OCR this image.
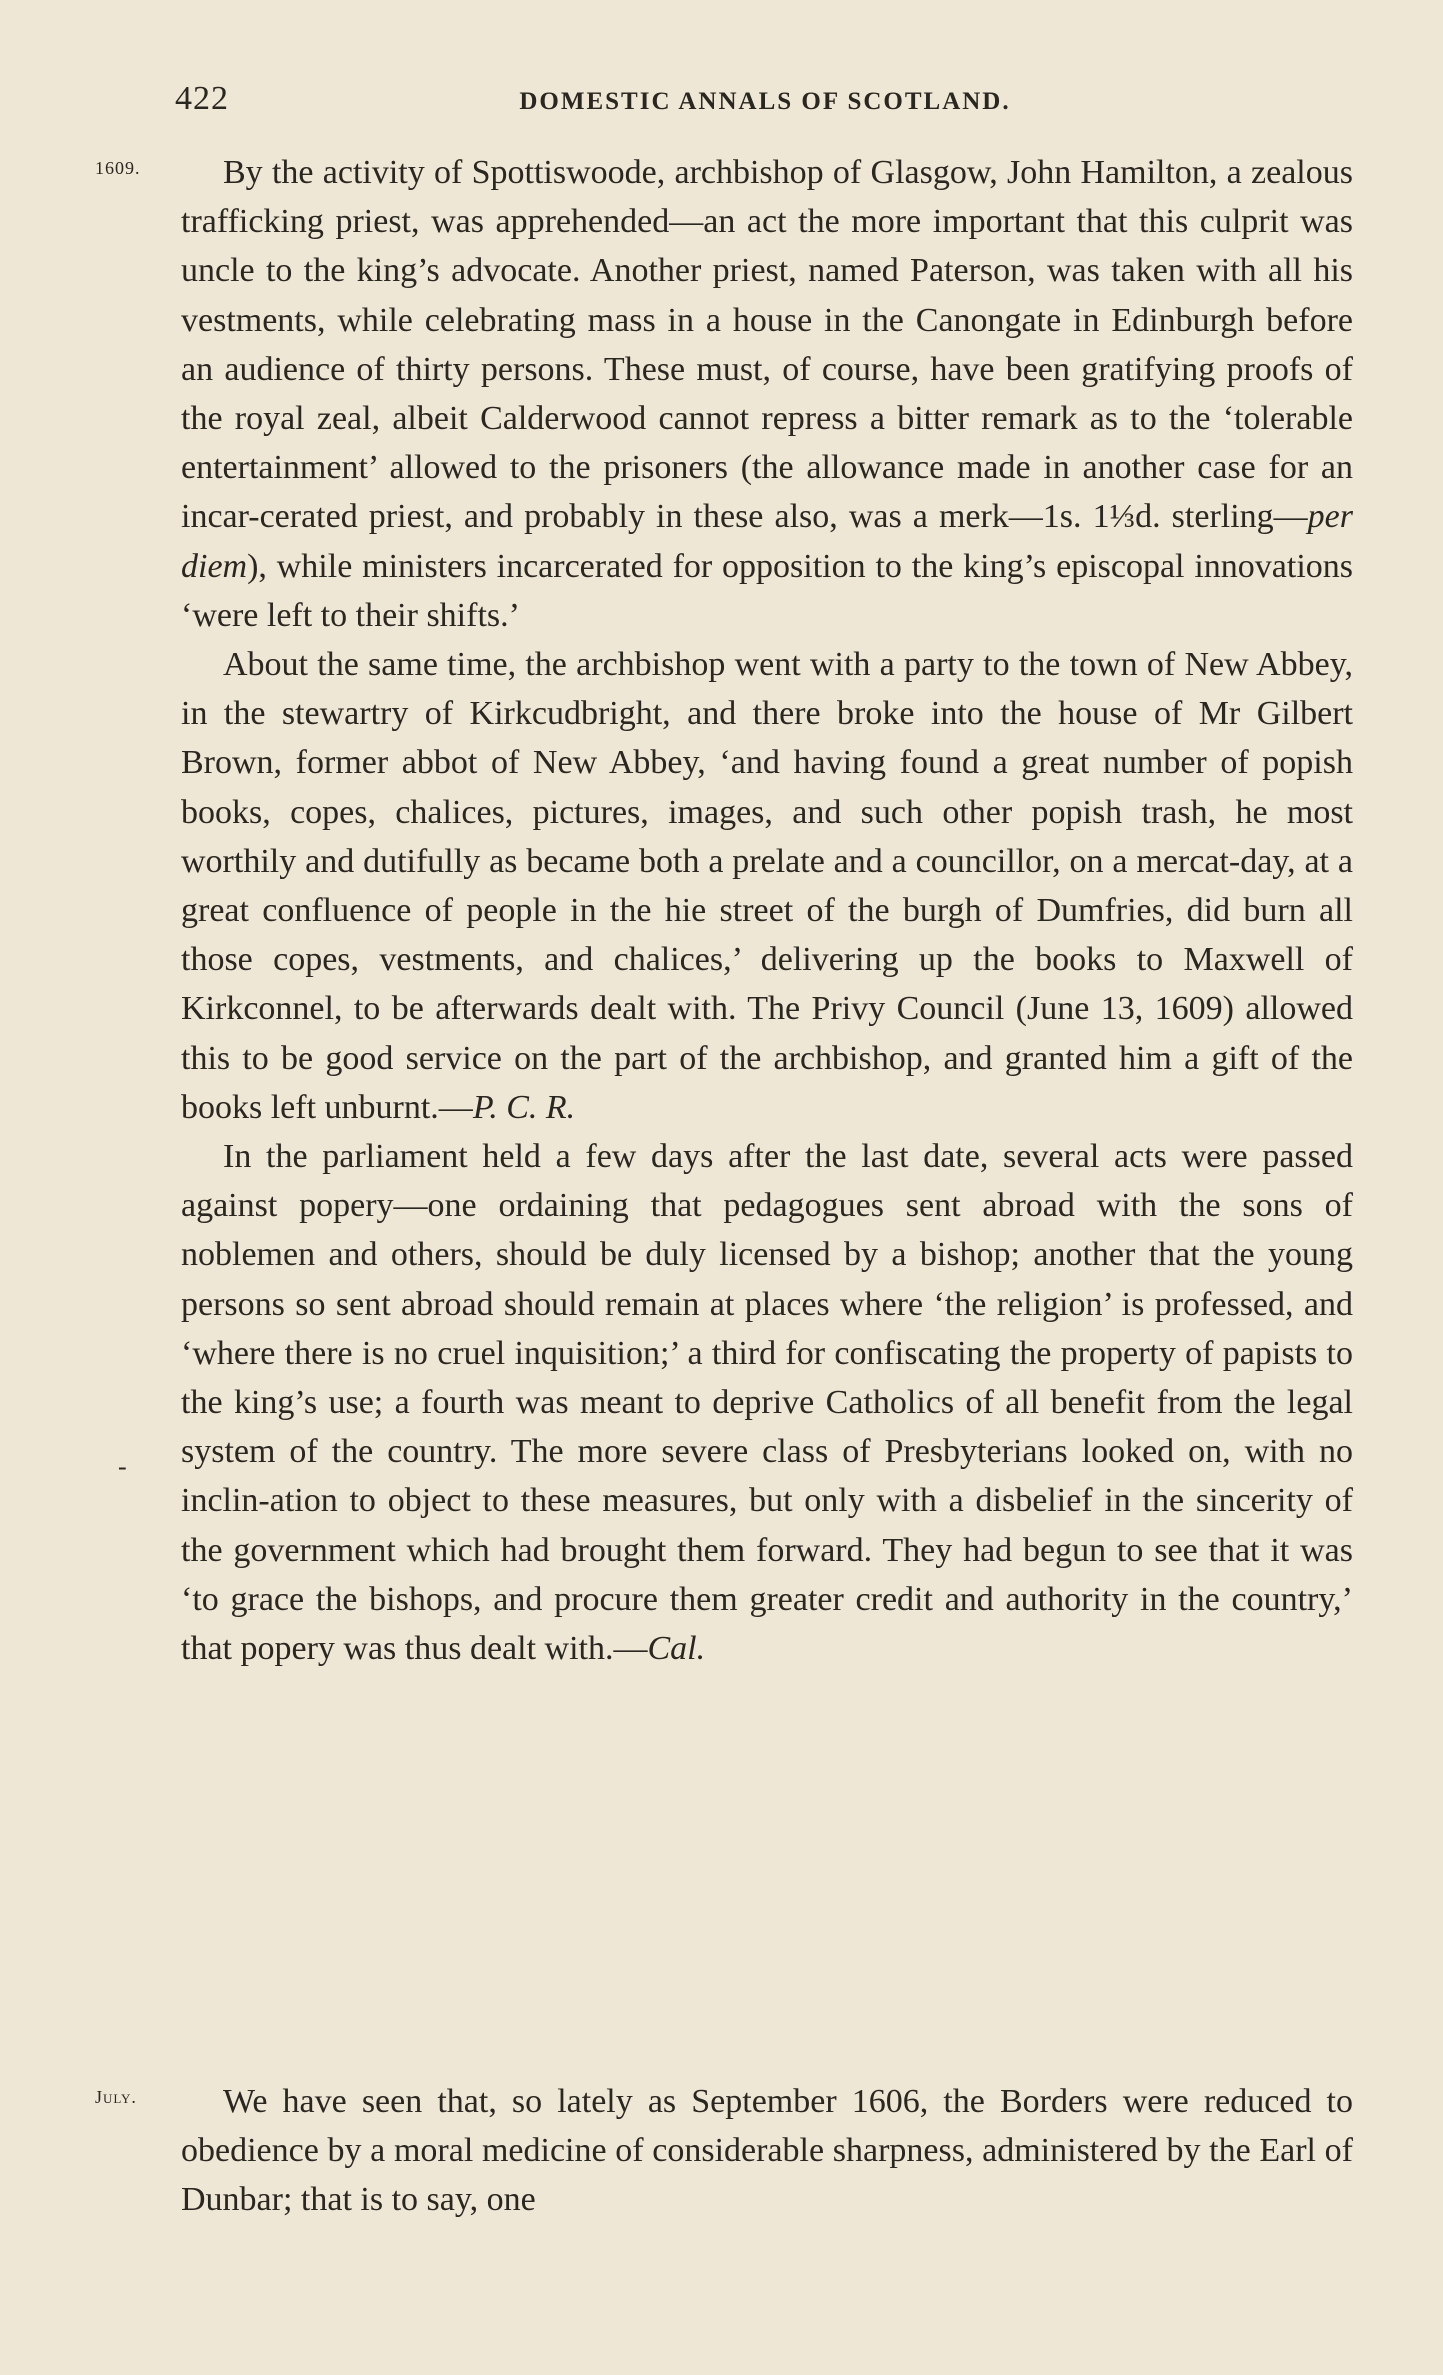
422	DOMESTIC ANNALS OF SCOTLAND.
1609.
-
July.

By the activity of Spottiswoode, archbishop of Glasgow, John Hamilton, a zealous trafficking priest, was apprehended—an act the more important that this culprit was uncle to the king’s advocate. Another priest, named Paterson, was taken with all his vestments, while celebrating mass in a house in the Canongate in Edinburgh before an audience of thirty persons. These must, of course, have been gratifying proofs of the royal zeal, albeit Calderwood cannot repress a bitter remark as to the ‘tolerable entertainment’ allowed to the prisoners (the allowance made in another case for an incar-cerated priest, and probably in these also, was a merk—1s. 1⅓d. sterling—per diem), while ministers incarcerated for opposition to the king’s episcopal innovations ‘were left to their shifts.’

About the same time, the archbishop went with a party to the town of New Abbey, in the stewartry of Kirkcudbright, and there broke into the house of Mr Gilbert Brown, former abbot of New Abbey, ‘and having found a great number of popish books, copes, chalices, pictures, images, and such other popish trash, he most worthily and dutifully as became both a prelate and a councillor, on a mercat-day, at a great confluence of people in the hie street of the burgh of Dumfries, did burn all those copes, vestments, and chalices,’ delivering up the books to Maxwell of Kirkconnel, to be afterwards dealt with. The Privy Council (June 13, 1609) allowed this to be good service on the part of the archbishop, and granted him a gift of the books left unburnt.—P. C. R.

In the parliament held a few days after the last date, several acts were passed against popery—one ordaining that pedagogues sent abroad with the sons of noblemen and others, should be duly licensed by a bishop; another that the young persons so sent abroad should remain at places where ‘the religion’ is professed, and ‘where there is no cruel inquisition;’ a third for confiscating the property of papists to the king’s use; a fourth was meant to deprive Catholics of all benefit from the legal system of the country. The more severe class of Presbyterians looked on, with no inclin-ation to object to these measures, but only with a disbelief in the sincerity of the government which had brought them forward. They had begun to see that it was ‘to grace the bishops, and procure them greater credit and authority in the country,’ that popery was thus dealt with.—Cal.

We have seen that, so lately as September 1606, the Borders were reduced to obedience by a moral medicine of considerable sharpness, administered by the Earl of Dunbar; that is to say, one
